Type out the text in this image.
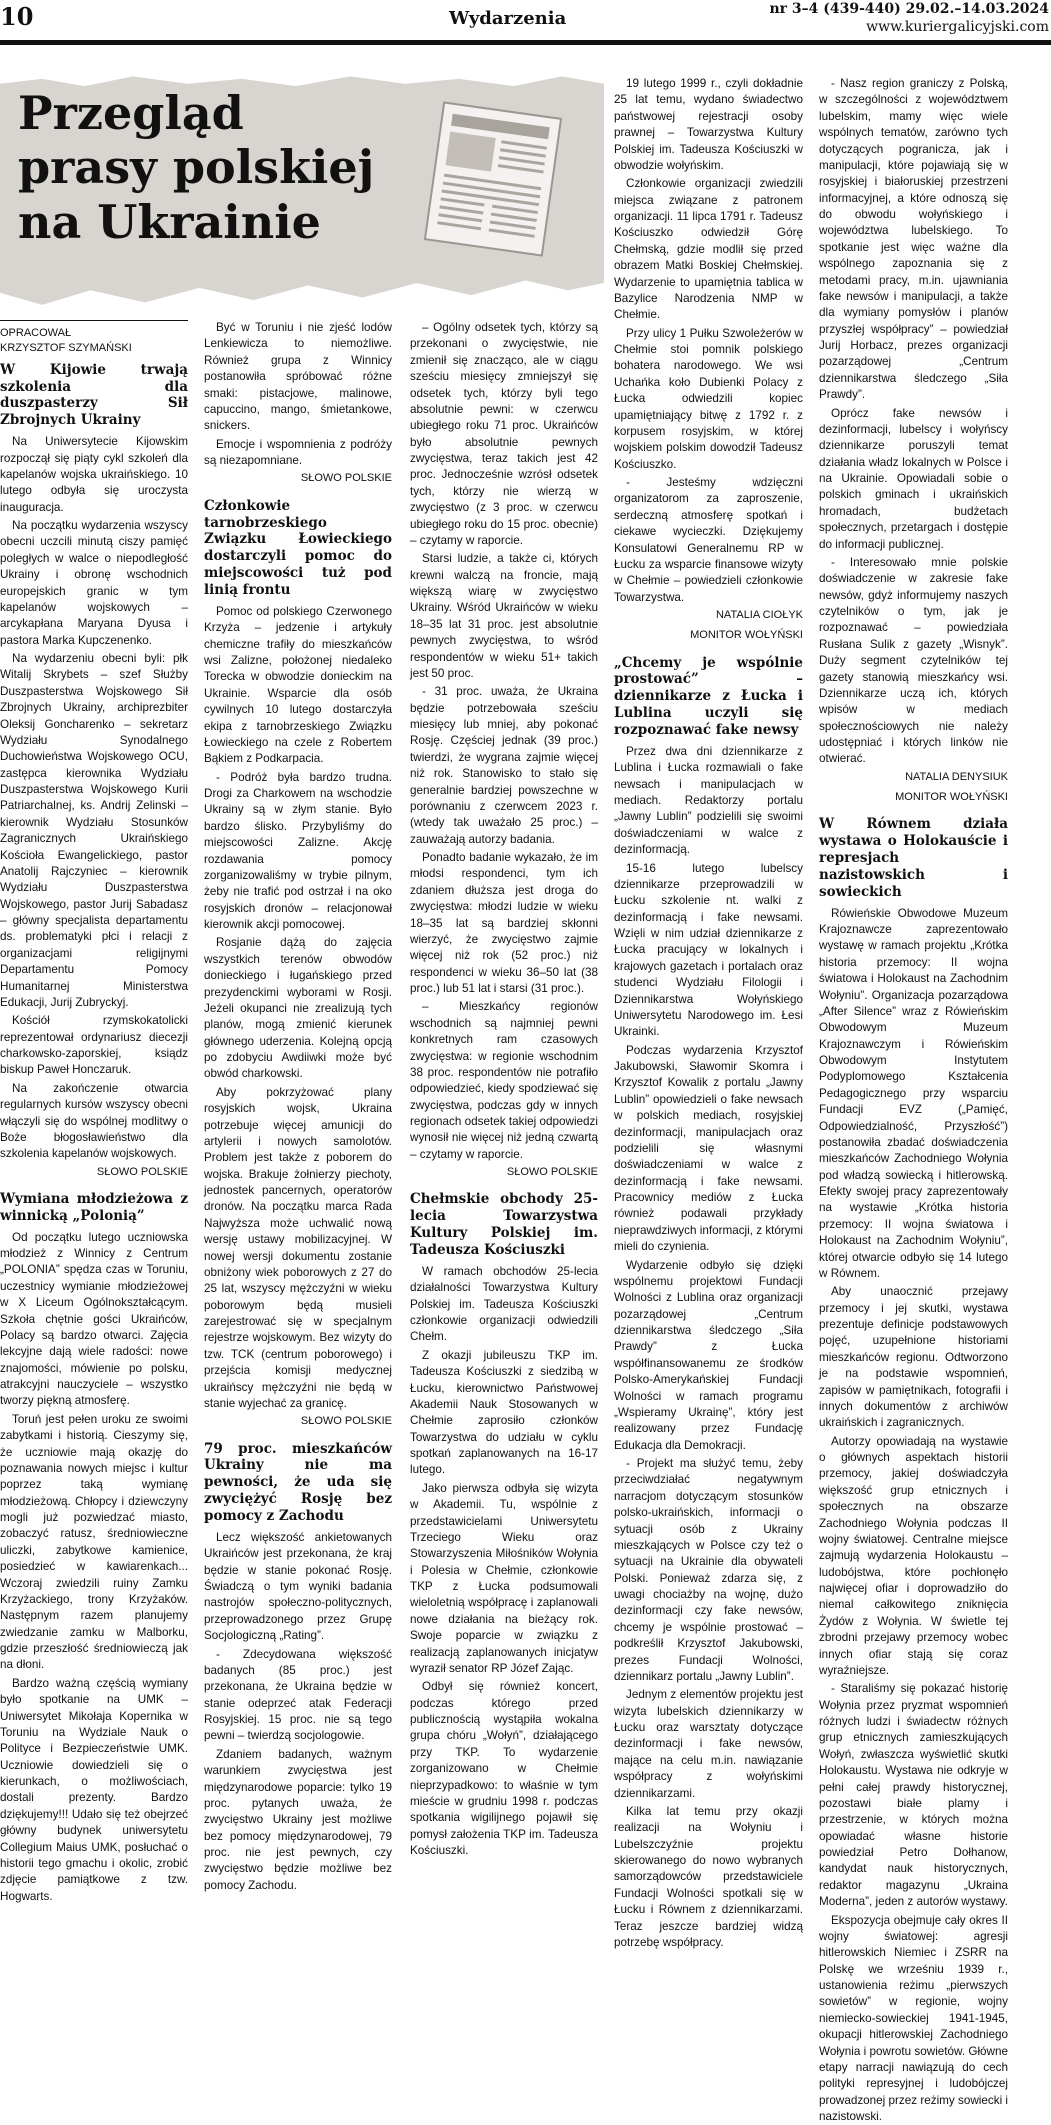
10	Wydarzenia	nr 3–4 (439-440) 29.02.–14.03.2024
www.kuriergalicyjski.com
Przegląd prasy polskiej na Ukrainie
OPRACOWAŁ
KRZYSZTOF SZYMAŃSKI
W Kijowie trwają szkolenia dla duszpasterzy Sił Zbrojnych Ukrainy

Na Uniwersytecie Kijowskim rozpoczął się piąty cykl szkoleń dla kapelanów wojska ukraińskiego. 10 lutego odbyła się uroczysta inauguracja.

Na początku wydarzenia wszyscy obecni uczcili minutą ciszy pamięć poległych w walce o niepodległość Ukrainy i obronę wschodnich europejskich granic w tym kapelanów wojskowych – arcykapłana Maryana Dyusa i pastora Marka Kupczenenko.

Na wydarzeniu obecni byli: płk Witalij Skrybets – szef Służby Duszpasterstwa Wojskowego Sił Zbrojnych Ukrainy, archiprezbiter Oleksij Goncharenko – sekretarz Wydziału Synodalnego Duchowieństwa Wojskowego OCU, zastępca kierownika Wydziału Duszpasterstwa Wojskowego Kurii Patriarchalnej, ks. Andrij Zelinski – kierownik Wydziału Stosunków Zagranicznych Ukraińskiego Kościoła Ewangelickiego, pastor Anatolij Rajczyniec – kierownik Wydziału Duszpasterstwa Wojskowego, pastor Jurij Sabadasz – główny specjalista departamentu ds. problematyki płci i relacji z organizacjami religijnymi Departamentu Pomocy Humanitarnej Ministerstwa Edukacji, Jurij Zubryckyj.

Kościół rzymskokatolicki reprezentował ordynariusz diecezji charkowsko-zaporskiej, ksiądz biskup Paweł Honczaruk.

Na zakończenie otwarcia regularnych kursów wszyscy obecni włączyli się do wspólnej modlitwy o Boże błogosławieństwo dla szkolenia kapelanów wojskowych.

SŁOWO POLSKIE
Wymiana młodzieżowa z winnicką „Polonią”

Od początku lutego uczniowska młodzież z Winnicy z Centrum „POLONIA” spędza czas w Toruniu, uczestnicy wymianie młodzieżowej w X Liceum Ogólnokształcącym. Szkoła chętnie gości Ukraińców, Polacy są bardzo otwarci. Zajęcia lekcyjne dają wiele radości: nowe znajomości, mówienie po polsku, atrakcyjni nauczyciele – wszystko tworzy piękną atmosferę.

Toruń jest pełen uroku ze swoimi zabytkami i historią. Cieszymy się, że uczniowie mają okazję do poznawania nowych miejsc i kultur poprzez taką wymianę młodzieżową. Chłopcy i dziewczyny mogli już pozwiedzać miasto, zobaczyć ratusz, średniowieczne uliczki, zabytkowe kamienice, posiedzieć w kawiarenkach... Wczoraj zwiedzili ruiny Zamku Krzyżackiego, trony Krzyżaków. Następnym razem planujemy zwiedzanie zamku w Malborku, gdzie przeszłość średniowieczą jak na dłoni.

Bardzo ważną częścią wymiany było spotkanie na UMK – Uniwersytet Mikołaja Kopernika w Toruniu na Wydziale Nauk o Polityce i Bezpieczeństwie UMK. Uczniowie dowiedzieli się o kierunkach, o możliwościach, dostali prezenty. Bardzo dziękujemy!!! Udało się też obejrzeć główny budynek uniwersytetu Collegium Maius UMK, posłuchać o historii tego gmachu i okolic, zrobić zdjęcie pamiątkowe z tzw. Hogwarts.

Być w Toruniu i nie zjeść lodów Lenkiewicza to niemożliwe. Również grupa z Winnicy postanowiła spróbować różne smaki: pistacjowe, malinowe, capuccino, mango, śmietankowe, snickers.

Emocje i wspomnienia z podróży są niezapomniane.

SŁOWO POLSKIE
Członkowie tarnobrzeskiego Związku Łowieckiego dostarczyli pomoc do miejscowości tuż pod linią frontu

Pomoc od polskiego Czerwonego Krzyża – jedzenie i artykuły chemiczne trafiły do mieszkańców wsi Zalizne, położonej niedaleko Torecka w obwodzie donieckim na Ukrainie. Wsparcie dla osób cywilnych 10 lutego dostarczyła ekipa z tarnobrzeskiego Związku Łowieckiego na czele z Robertem Bąkiem z Podkarpacia.

- Podróż była bardzo trudna. Drogi za Charkowem na wschodzie Ukrainy są w złym stanie. Było bardzo ślisko. Przybyliśmy do miejscowości Zalizne. Akcję rozdawania pomocy zorganizowaliśmy w trybie pilnym, żeby nie trafić pod ostrzał i na oko rosyjskich dronów – relacjonował kierownik akcji pomocowej.

Rosjanie dążą do zajęcia wszystkich terenów obwodów donieckiego i ługańskiego przed prezydenckimi wyborami w Rosji. Jeżeli okupanci nie zrealizują tych planów, mogą zmienić kierunek głównego uderzenia. Kolejną opcją po zdobyciu Awdiiwki może być obwód charkowski.

Aby pokrzyżować plany rosyjskich wojsk, Ukraina potrzebuje więcej amunicji do artylerii i nowych samolotów. Problem jest także z poborem do wojska. Brakuje żołnierzy piechoty, jednostek pancernych, operatorów dronów. Na początku marca Rada Najwyższa może uchwalić nową wersję ustawy mobilizacyjnej. W nowej wersji dokumentu zostanie obniżony wiek poborowych z 27 do 25 lat, wszyscy mężczyźni w wieku poborowym będą musieli zarejestrować się w specjalnym rejestrze wojskowym. Bez wizyty do tzw. TCK (centrum poborowego) i przejścia komisji medycznej ukraińscy mężczyźni nie będą w stanie wyjechać za granicę.

SŁOWO POLSKIE
79 proc. mieszkańców Ukrainy nie ma pewności, że uda się zwyciężyć Rosję bez pomocy z Zachodu

Lecz większość ankietowanych Ukraińców jest przekonana, że kraj będzie w stanie pokonać Rosję. Świadczą o tym wyniki badania nastrojów społeczno-politycznych, przeprowadzonego przez Grupę Socjologiczną „Rating”.

- Zdecydowana większość badanych (85 proc.) jest przekonana, że Ukraina będzie w stanie odeprzeć atak Federacji Rosyjskiej. 15 proc. nie są tego pewni – twierdzą socjologowie.

Zdaniem badanych, ważnym warunkiem zwycięstwa jest międzynarodowe poparcie: tylko 19 proc. pytanych uważa, że zwycięstwo Ukrainy jest możliwe bez pomocy międzynarodowej, 79 proc. nie jest pewnych, czy zwycięstwo będzie możliwe bez pomocy Zachodu.

– Ogólny odsetek tych, którzy są przekonani o zwycięstwie, nie zmienił się znacząco, ale w ciągu sześciu miesięcy zmniejszył się odsetek tych, którzy byli tego absolutnie pewni: w czerwcu ubiegłego roku 71 proc. Ukraińców było absolutnie pewnych zwycięstwa, teraz takich jest 42 proc. Jednocześnie wzrósł odsetek tych, którzy nie wierzą w zwycięstwo (z 3 proc. w czerwcu ubiegłego roku do 15 proc. obecnie) – czytamy w raporcie.

Starsi ludzie, a także ci, których krewni walczą na froncie, mają większą wiarę w zwycięstwo Ukrainy. Wśród Ukraińców w wieku 18–35 lat 31 proc. jest absolutnie pewnych zwycięstwa, to wśród respondentów w wieku 51+ takich jest 50 proc.

- 31 proc. uważa, że Ukraina będzie potrzebowała sześciu miesięcy lub mniej, aby pokonać Rosję. Częściej jednak (39 proc.) twierdzi, że wygrana zajmie więcej niż rok. Stanowisko to stało się generalnie bardziej powszechne w porównaniu z czerwcem 2023 r. (wtedy tak uważało 25 proc.) – zauważają autorzy badania.

Ponadto badanie wykazało, że im młodsi respondenci, tym ich zdaniem dłuższa jest droga do zwycięstwa: młodzi ludzie w wieku 18–35 lat są bardziej skłonni wierzyć, że zwycięstwo zajmie więcej niż rok (52 proc.) niż respondenci w wieku 36–50 lat (38 proc.) lub 51 lat i starsi (31 proc.).

– Mieszkańcy regionów wschodnich są najmniej pewni konkretnych ram czasowych zwycięstwa: w regionie wschodnim 38 proc. respondentów nie potrafiło odpowiedzieć, kiedy spodziewać się zwycięstwa, podczas gdy w innych regionach odsetek takiej odpowiedzi wynosił nie więcej niż jedną czwartą – czytamy w raporcie.

SŁOWO POLSKIE
Chełmskie obchody 25-lecia Towarzystwa Kultury Polskiej im. Tadeusza Kościuszki

W ramach obchodów 25-lecia działalności Towarzystwa Kultury Polskiej im. Tadeusza Kościuszki członkowie organizacji odwiedzili Chełm.

Z okazji jubileuszu TKP im. Tadeusza Kościuszki z siedzibą w Łucku, kierownictwo Państwowej Akademii Nauk Stosowanych w Chełmie zaprosiło członków Towarzystwa do udziału w cyklu spotkań zaplanowanych na 16-17 lutego.

Jako pierwsza odbyła się wizyta w Akademii. Tu, wspólnie z przedstawicielami Uniwersytetu Trzeciego Wieku oraz Stowarzyszenia Miłośników Wołynia i Polesia w Chełmie, członkowie TKP z Łucka podsumowali wieloletnią współpracę i zaplanowali nowe działania na bieżący rok. Swoje poparcie w związku z realizacją zaplanowanych inicjatyw wyraził senator RP Józef Zając.

Odbył się również koncert, podczas którego przed publicznością wystąpiła wokalna grupa chóru „Wołyń”, działającego przy TKP. To wydarzenie zorganizowano w Chełmie nieprzypadkowo: to właśnie w tym mieście w grudniu 1998 r. podczas spotkania wigilijnego pojawił się pomysł założenia TKP im. Tadeusza Kościuszki.

19 lutego 1999 r., czyli dokładnie 25 lat temu, wydano świadectwo państwowej rejestracji osoby prawnej – Towarzystwa Kultury Polskiej im. Tadeusza Kościuszki w obwodzie wołyńskim.

Członkowie organizacji zwiedzili miejsca związane z patronem organizacji. 11 lipca 1791 r. Tadeusz Kościuszko odwiedził Górę Chełmską, gdzie modlił się przed obrazem Matki Boskiej Chełmskiej. Wydarzenie to upamiętnia tablica w Bazylice Narodzenia NMP w Chełmie.

Przy ulicy 1 Pułku Szwoleżerów w Chełmie stoi pomnik polskiego bohatera narodowego. We wsi Uchańka koło Dubienki Polacy z Łucka odwiedzili kopiec upamiętniający bitwę z 1792 r. z korpusem rosyjskim, w której wojskiem polskim dowodził Tadeusz Kościuszko.

- Jesteśmy wdzięczni organizatorom za zaproszenie, serdeczną atmosferę spotkań i ciekawe wycieczki. Dziękujemy Konsulatowi Generalnemu RP w Łucku za wsparcie finansowe wizyty w Chełmie – powiedzieli członkowie Towarzystwa.

NATALIA CIOŁYK
MONITOR WOŁYŃSKI
„Chcemy je wspólnie prostować” – dziennikarze z Łucka i Lublina uczyli się rozpoznawać fake newsy

Przez dwa dni dziennikarze z Lublina i Łucka rozmawiali o fake newsach i manipulacjach w mediach. Redaktorzy portalu „Jawny Lublin” podzielili się swoimi doświadczeniami w walce z dezinformacją.

15-16 lutego lubelscy dziennikarze przeprowadzili w Łucku szkolenie nt. walki z dezinformacją i fake newsami. Wzięli w nim udział dziennikarze z Łucka pracujący w lokalnych i krajowych gazetach i portalach oraz studenci Wydziału Filologii i Dziennikarstwa Wołyńskiego Uniwersytetu Narodowego im. Łesi Ukrainki.

Podczas wydarzenia Krzysztof Jakubowski, Sławomir Skomra i Krzysztof Kowalik z portalu „Jawny Lublin” opowiedzieli o fake newsach w polskich mediach, rosyjskiej dezinformacji, manipulacjach oraz podzielili się własnymi doświadczeniami w walce z dezinformacją i fake newsami. Pracownicy mediów z Łucka również podawali przykłady nieprawdziwych informacji, z którymi mieli do czynienia.

Wydarzenie odbyło się dzięki wspólnemu projektowi Fundacji Wolności z Lublina oraz organizacji pozarządowej „Centrum dziennikarstwa śledczego „Siła Prawdy” z Łucka współfinansowanemu ze środków Polsko-Amerykańskiej Fundacji Wolności w ramach programu „Wspieramy Ukrainę”, który jest realizowany przez Fundację Edukacja dla Demokracji.

- Projekt ma służyć temu, żeby przeciwdziałać negatywnym narracjom dotyczącym stosunków polsko-ukraińskich, informacji o sytuacji osób z Ukrainy mieszkających w Polsce czy też o sytuacji na Ukrainie dla obywateli Polski. Ponieważ zdarza się, z uwagi chociażby na wojnę, dużo dezinformacji czy fake newsów, chcemy je wspólnie prostować – podkreślił Krzysztof Jakubowski, prezes Fundacji Wolności, dziennikarz portalu „Jawny Lublin”.

Jednym z elementów projektu jest wizyta lubelskich dziennikarzy w Łucku oraz warsztaty dotyczące dezinformacji i fake newsów, mające na celu m.in. nawiązanie współpracy z wołyńskimi dziennikarzami.

Kilka lat temu przy okazji realizacji na Wołyniu i Lubelszczyźnie projektu skierowanego do nowo wybranych samorządowców przedstawiciele Fundacji Wolności spotkali się w Łucku i Równem z dziennikarzami. Teraz jeszcze bardziej widzą potrzebę współpracy.

- Nasz region graniczy z Polską, w szczególności z województwem lubelskim, mamy więc wiele wspólnych tematów, zarówno tych dotyczących pogranicza, jak i manipulacji, które pojawiają się w rosyjskiej i białoruskiej przestrzeni informacyjnej, a które odnoszą się do obwodu wołyńskiego i województwa lubelskiego. To spotkanie jest więc ważne dla wspólnego zapoznania się z metodami pracy, m.in. ujawniania fake newsów i manipulacji, a także dla wymiany pomysłów i planów przyszłej współpracy” – powiedział Jurij Horbacz, prezes organizacji pozarządowej „Centrum dziennikarstwa śledczego „Siła Prawdy”.

Oprócz fake newsów i dezinformacji, lubelscy i wołyńscy dziennikarze poruszyli temat działania władz lokalnych w Polsce i na Ukrainie. Opowiadali sobie o polskich gminach i ukraińskich hromadach, budżetach społecznych, przetargach i dostępie do informacji publicznej.

- Interesowało mnie polskie doświadczenie w zakresie fake newsów, gdyż informujemy naszych czytelników o tym, jak je rozpoznawać – powiedziała Rusłana Sulik z gazety „Wisnyk”. Duży segment czytelników tej gazety stanowią mieszkańcy wsi. Dziennikarze uczą ich, których wpisów w mediach społecznościowych nie należy udostępniać i których linków nie otwierać.

NATALIA DENYSIUK
MONITOR WOŁYŃSKI
W Równem działa wystawa o Holokauście i represjach nazistowskich i sowieckich

Rówieńskie Obwodowe Muzeum Krajoznawcze zaprezentowało wystawę w ramach projektu „Krótka historia przemocy: II wojna światowa i Holokaust na Zachodnim Wołyniu”. Organizacja pozarządowa „After Silence” wraz z Rówieńskim Obwodowym Muzeum Krajoznawczym i Rówieńskim Obwodowym Instytutem Podyplomowego Kształcenia Pedagogicznego przy wsparciu Fundacji EVZ („Pamięć, Odpowiedzialność, Przyszłość”) postanowiła zbadać doświadczenia mieszkańców Zachodniego Wołynia pod władzą sowiecką i hitlerowską. Efekty swojej pracy zaprezentowały na wystawie „Krótka historia przemocy: II wojna światowa i Holokaust na Zachodnim Wołyniu”, której otwarcie odbyło się 14 lutego w Równem.

Aby unaocznić przejawy przemocy i jej skutki, wystawa prezentuje definicje podstawowych pojęć, uzupełnione historiami mieszkańców regionu. Odtworzono je na podstawie wspomnień, zapisów w pamiętnikach, fotografii i innych dokumentów z archiwów ukraińskich i zagranicznych.

Autorzy opowiadają na wystawie o głównych aspektach historii przemocy, jakiej doświadczyła większość grup etnicznych i społecznych na obszarze Zachodniego Wołynia podczas II wojny światowej. Centralne miejsce zajmują wydarzenia Holokaustu – ludobójstwa, które pochłonęło najwięcej ofiar i doprowadziło do niemal całkowitego zniknięcia Żydów z Wołynia. W świetle tej zbrodni przejawy przemocy wobec innych ofiar stają się coraz wyraźniejsze.

- Staraliśmy się pokazać historię Wołynia przez pryzmat wspomnień różnych ludzi i świadectw różnych grup etnicznych zamieszkujących Wołyń, zwłaszcza wyświetlić skutki Holokaustu. Wystawa nie odkryje w pełni całej prawdy historycznej, pozostawi białe plamy i przestrzenie, w których można opowiadać własne historie powiedział Petro Dołhanow, kandydat nauk historycznych, redaktor magazynu „Ukraina Moderna”, jeden z autorów wystawy.

Ekspozycja obejmuje cały okres II wojny światowej: agresji hitlerowskich Niemiec i ZSRR na Polskę we wrześniu 1939 r., ustanowienia reżimu „pierwszych sowietów” w regionie, wojny niemiecko-sowieckiej 1941-1945, okupacji hitlerowskiej Zachodniego Wołynia i powrotu sowietów. Główne etapy narracji nawiązują do cech polityki represyjnej i ludobójczej prowadzonej przez reżimy sowiecki i nazistowski.
